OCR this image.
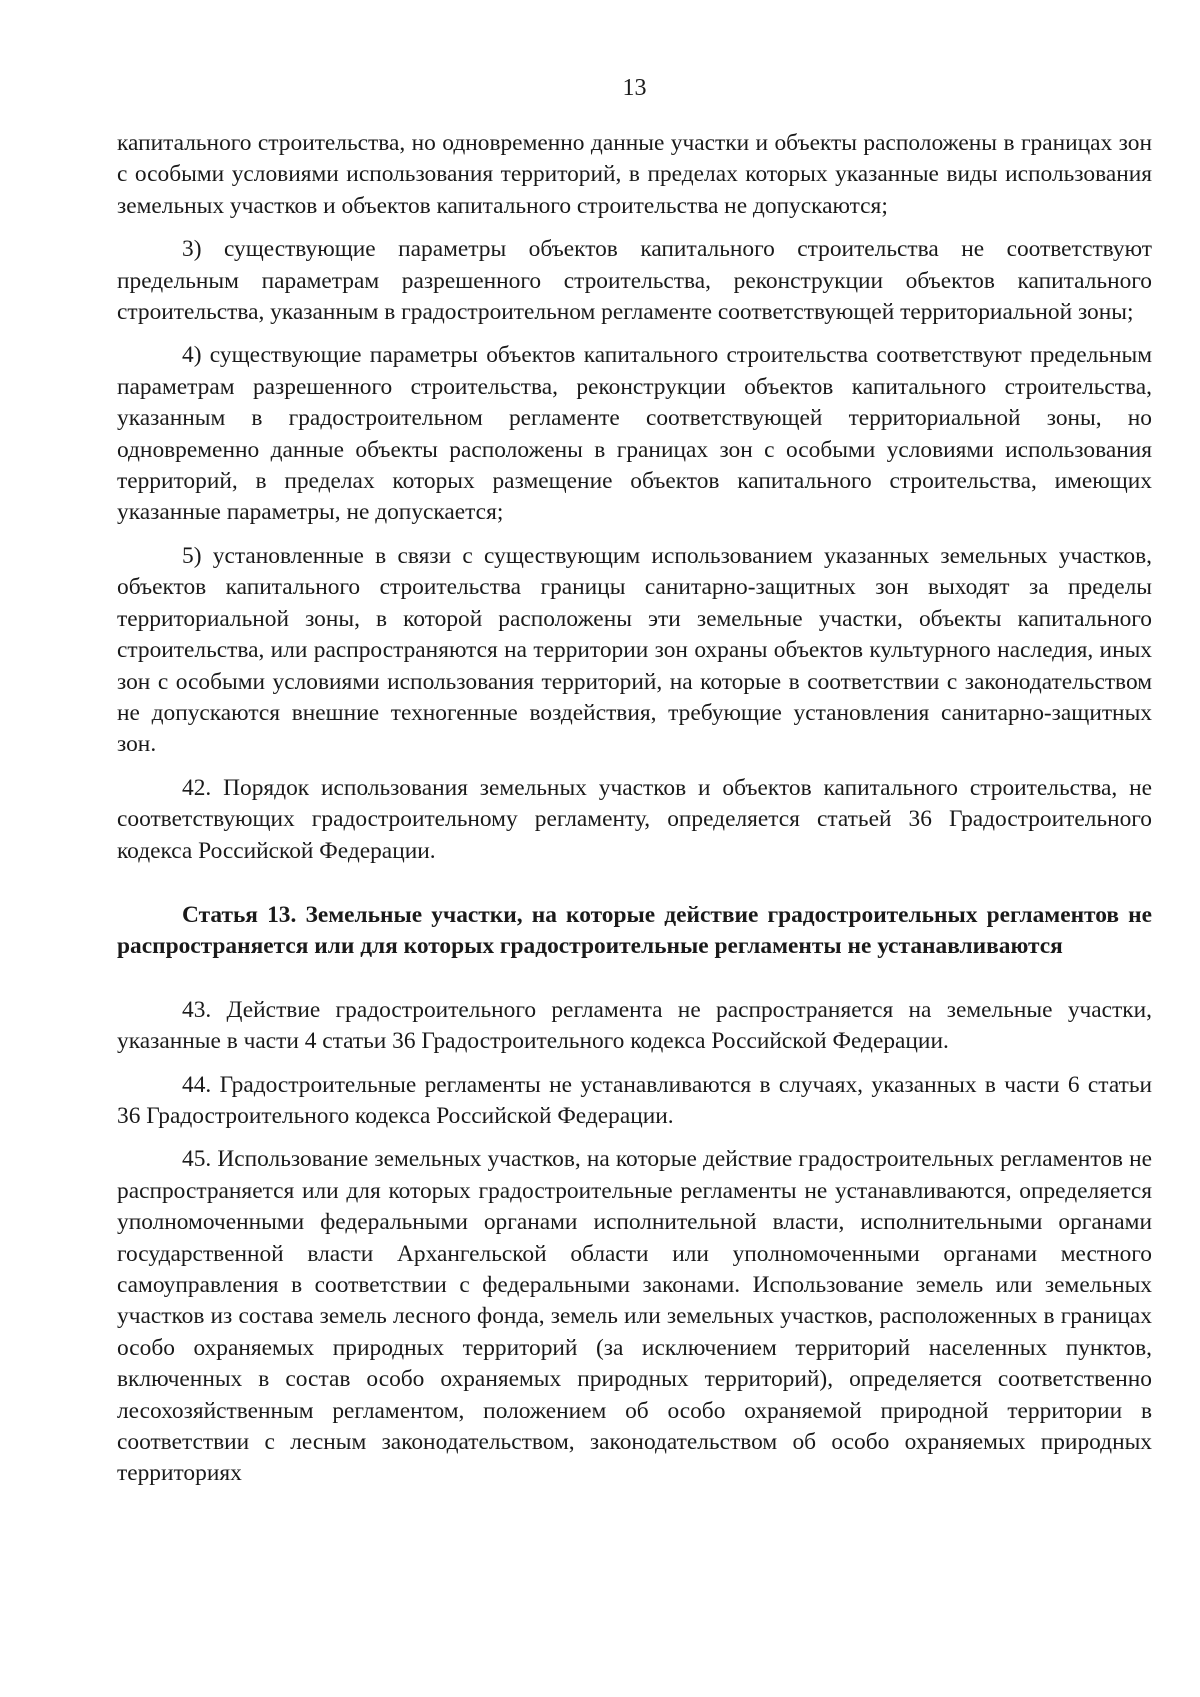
13

капитального строительства, но одновременно данные участки и объекты расположены в границах зон с особыми условиями использования территорий, в пределах которых указанные виды использования земельных участков и объектов капитального строительства не допускаются;

3) существующие параметры объектов капитального строительства не соответствуют предельным параметрам разрешенного строительства, реконструкции объектов капитального строительства, указанным в градостроительном регламенте соответствующей территориальной зоны;

4) существующие параметры объектов капитального строительства соответствуют предельным параметрам разрешенного строительства, реконструкции объектов капитального строительства, указанным в градостроительном регламенте соответствующей территориальной зоны, но одновременно данные объекты расположены в границах зон с особыми условиями использования территорий, в пределах которых размещение объектов капитального строительства, имеющих указанные параметры, не допускается;

5) установленные в связи с существующим использованием указанных земельных участков, объектов капитального строительства границы санитарно-защитных зон выходят за пределы территориальной зоны, в которой расположены эти земельные участки, объекты капитального строительства, или распространяются на территории зон охраны объектов культурного наследия, иных зон с особыми условиями использования территорий, на которые в соответствии с законодательством не допускаются внешние техногенные воздействия, требующие установления санитарно-защитных зон.

42. Порядок использования земельных участков и объектов капитального строительства, не соответствующих градостроительному регламенту, определяется статьей 36 Градостроительного кодекса Российской Федерации.

Статья 13. Земельные участки, на которые действие градостроительных регламентов не распространяется или для которых градостроительные регламенты не устанавливаются

43. Действие градостроительного регламента не распространяется на земельные участки, указанные в части 4 статьи 36 Градостроительного кодекса Российской Федерации.

44. Градостроительные регламенты не устанавливаются в случаях, указанных в части 6 статьи 36 Градостроительного кодекса Российской Федерации.

45. Использование земельных участков, на которые действие градостроительных регламентов не распространяется или для которых градостроительные регламенты не устанавливаются, определяется уполномоченными федеральными органами исполнительной власти, исполнительными органами государственной власти Архангельской области или уполномоченными органами местного самоуправления в соответствии с федеральными законами. Использование земель или земельных участков из состава земель лесного фонда, земель или земельных участков, расположенных в границах особо охраняемых природных территорий (за исключением территорий населенных пунктов, включенных в состав особо охраняемых природных территорий), определяется соответственно лесохозяйственным регламентом, положением об особо охраняемой природной территории в соответствии с лесным законодательством, законодательством об особо охраняемых природных территориях
